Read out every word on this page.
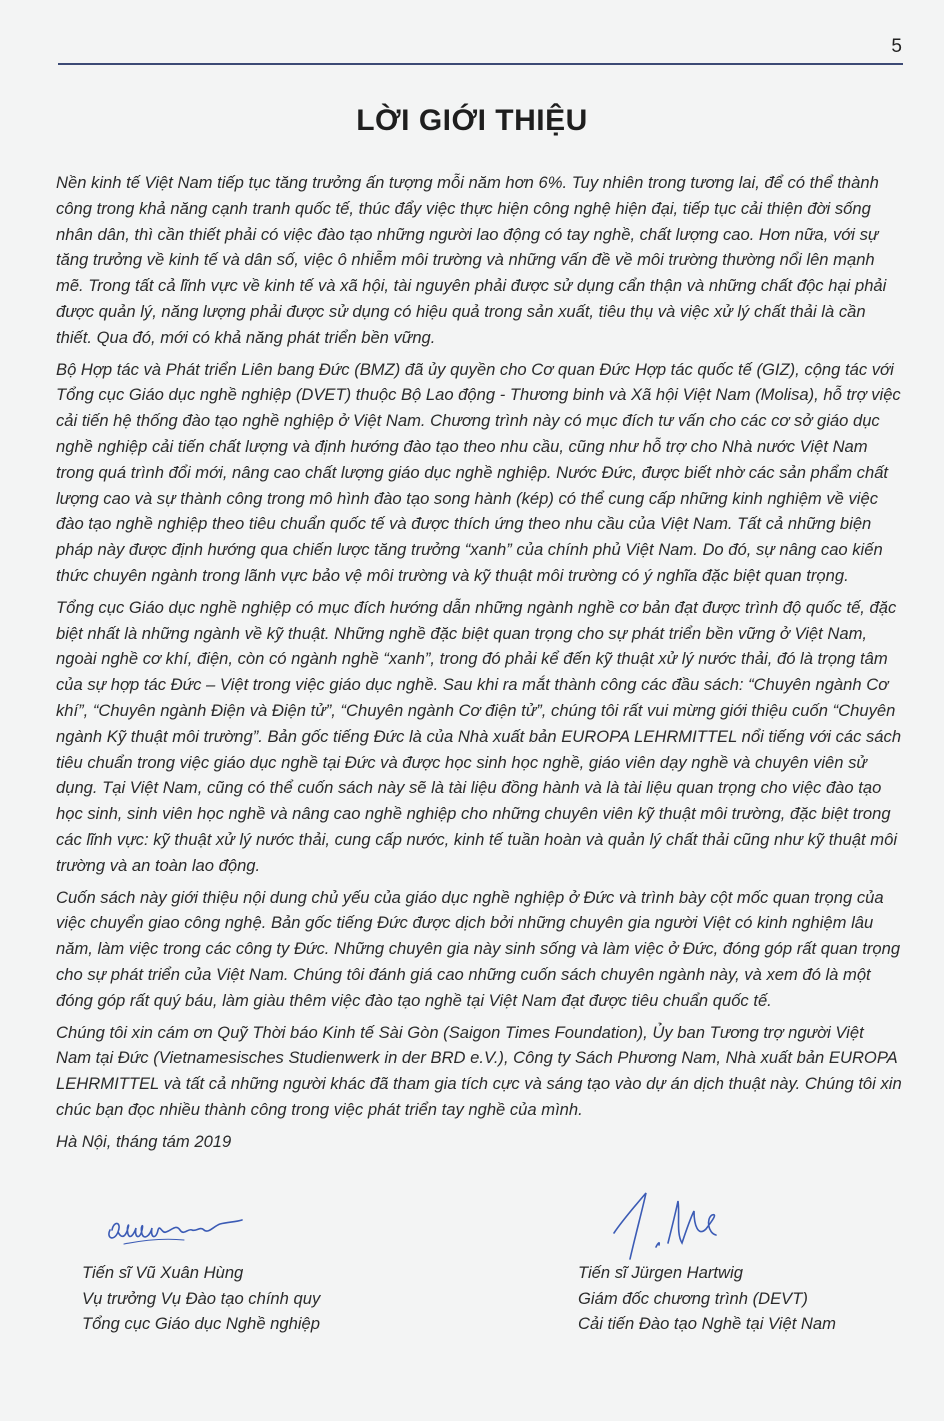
5
LỜI GIỚI THIỆU

Nền kinh tế Việt Nam tiếp tục tăng trưởng ấn tượng mỗi năm hơn 6%. Tuy nhiên trong tương lai, để có thể thành công trong khả năng cạnh tranh quốc tế, thúc đẩy việc thực hiện công nghệ hiện đại, tiếp tục cải thiện đời sống nhân dân, thì cần thiết phải có việc đào tạo những người lao động có tay nghề, chất lượng cao. Hơn nữa, với sự tăng trưởng về kinh tế và dân số, việc ô nhiễm môi trường và những vấn đề về môi trường thường nổi lên mạnh mẽ. Trong tất cả lĩnh vực về kinh tế và xã hội, tài nguyên phải được sử dụng cẩn thận và những chất độc hại phải được quản lý, năng lượng phải được sử dụng có hiệu quả trong sản xuất, tiêu thụ và việc xử lý chất thải là cần thiết. Qua đó, mới có khả năng phát triển bền vững.

Bộ Hợp tác và Phát triển Liên bang Đức (BMZ) đã ủy quyền cho Cơ quan Đức Hợp tác quốc tế (GIZ), cộng tác với Tổng cục Giáo dục nghề nghiệp (DVET) thuộc Bộ Lao động - Thương binh và Xã hội Việt Nam (Molisa), hỗ trợ việc cải tiến hệ thống đào tạo nghề nghiệp ở Việt Nam. Chương trình này có mục đích tư vấn cho các cơ sở giáo dục nghề nghiệp cải tiến chất lượng và định hướng đào tạo theo nhu cầu, cũng như hỗ trợ cho Nhà nước Việt Nam trong quá trình đổi mới, nâng cao chất lượng giáo dục nghề nghiệp. Nước Đức, được biết nhờ các sản phẩm chất lượng cao và sự thành công trong mô hình đào tạo song hành (kép) có thể cung cấp những kinh nghiệm về việc đào tạo nghề nghiệp theo tiêu chuẩn quốc tế và được thích ứng theo nhu cầu của Việt Nam. Tất cả những biện pháp này được định hướng qua chiến lược tăng trưởng “xanh” của chính phủ Việt Nam. Do đó, sự nâng cao kiến thức chuyên ngành trong lãnh vực bảo vệ môi trường và kỹ thuật môi trường có ý nghĩa đặc biệt quan trọng.

Tổng cục Giáo dục nghề nghiệp có mục đích hướng dẫn những ngành nghề cơ bản đạt được trình độ quốc tế, đặc biệt nhất là những ngành về kỹ thuật. Những nghề đặc biệt quan trọng cho sự phát triển bền vững ở Việt Nam, ngoài nghề cơ khí, điện, còn có ngành nghề “xanh”, trong đó phải kể đến kỹ thuật xử lý nước thải, đó là trọng tâm của sự hợp tác Đức – Việt trong việc giáo dục nghề. Sau khi ra mắt thành công các đầu sách: “Chuyên ngành Cơ khí”, “Chuyên ngành Điện và Điện tử”, “Chuyên ngành Cơ điện tử”, chúng tôi rất vui mừng giới thiệu cuốn “Chuyên ngành Kỹ thuật môi trường”. Bản gốc tiếng Đức là của Nhà xuất bản EUROPA LEHRMITTEL nổi tiếng với các sách tiêu chuẩn trong việc giáo dục nghề tại Đức và được học sinh học nghề, giáo viên dạy nghề và chuyên viên sử dụng. Tại Việt Nam, cũng có thể cuốn sách này sẽ là tài liệu đồng hành và là tài liệu quan trọng cho việc đào tạo học sinh, sinh viên học nghề và nâng cao nghề nghiệp cho những chuyên viên kỹ thuật môi trường, đặc biệt trong các lĩnh vực: kỹ thuật xử lý nước thải, cung cấp nước, kinh tế tuần hoàn và quản lý chất thải cũng như kỹ thuật môi trường và an toàn lao động.

Cuốn sách này giới thiệu nội dung chủ yếu của giáo dục nghề nghiệp ở Đức và trình bày cột mốc quan trọng của việc chuyển giao công nghệ. Bản gốc tiếng Đức được dịch bởi những chuyên gia người Việt có kinh nghiệm lâu năm, làm việc trong các công ty Đức. Những chuyên gia này sinh sống và làm việc ở Đức, đóng góp rất quan trọng cho sự phát triển của Việt Nam. Chúng tôi đánh giá cao những cuốn sách chuyên ngành này, và xem đó là một đóng góp rất quý báu, làm giàu thêm việc đào tạo nghề tại Việt Nam đạt được tiêu chuẩn quốc tế.

Chúng tôi xin cám ơn Quỹ Thời báo Kinh tế Sài Gòn (Saigon Times Foundation), Ủy ban Tương trợ người Việt Nam tại Đức (Vietnamesisches Studienwerk in der BRD e.V.), Công ty Sách Phương Nam, Nhà xuất bản EUROPA LEHRMITTEL và tất cả những người khác đã tham gia tích cực và sáng tạo vào dự án dịch thuật này. Chúng tôi xin chúc bạn đọc nhiều thành công trong việc phát triển tay nghề của mình.

Hà Nội, tháng tám 2019

Tiến sĩ Vũ Xuân Hùng
Vụ trưởng Vụ Đào tạo chính quy
Tổng cục Giáo dục Nghề nghiệp
Tiến sĩ Jürgen Hartwig
Giám đốc chương trình (DEVT)
Cải tiến Đào tạo Nghề tại Việt Nam
